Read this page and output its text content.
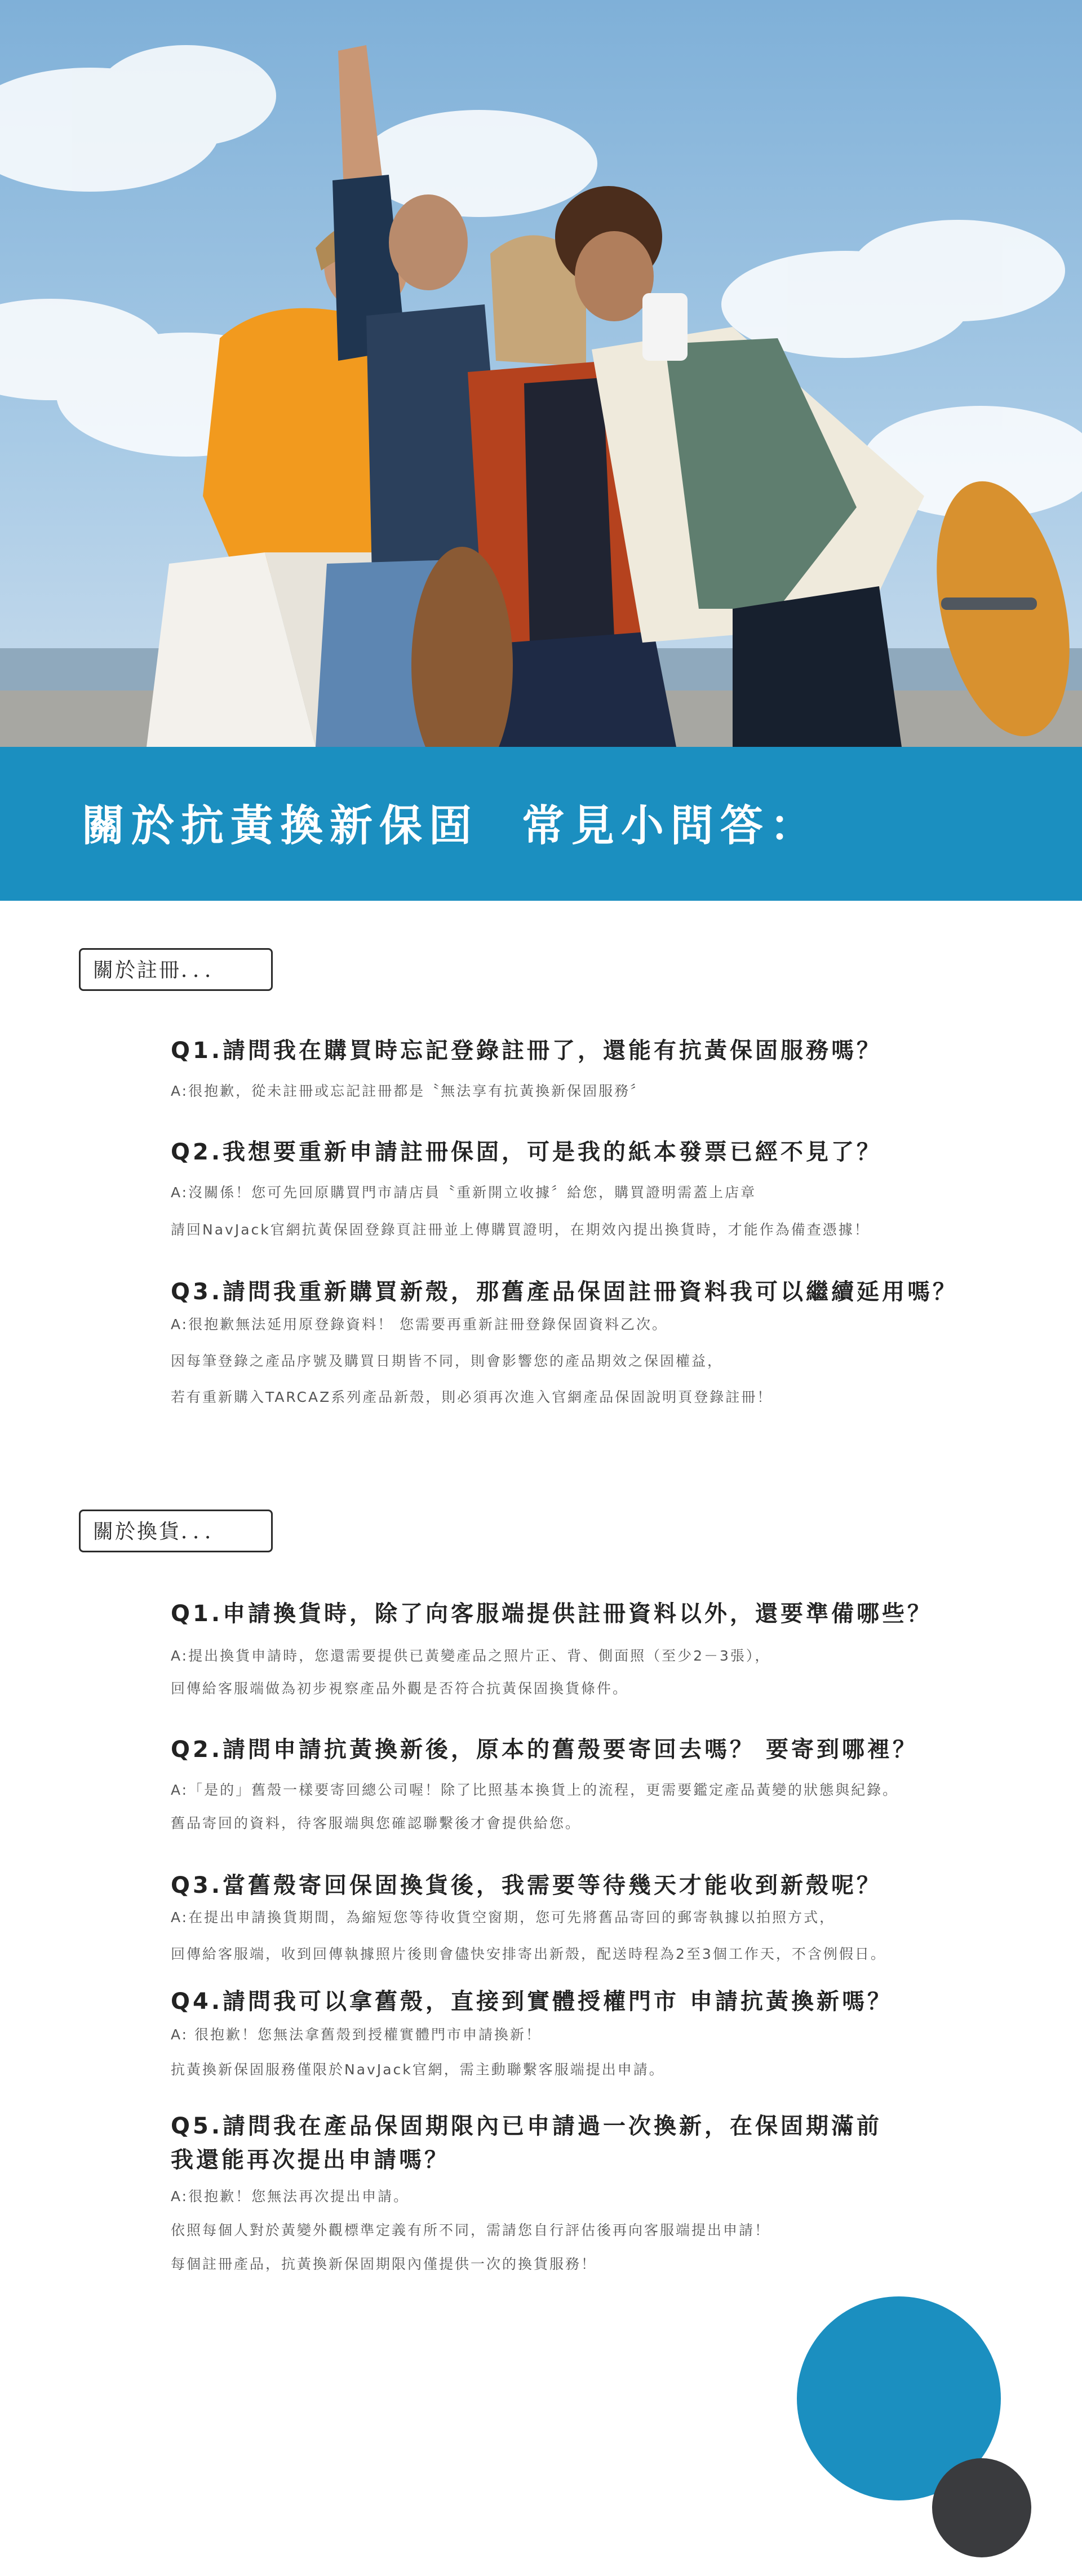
關於抗黃換新保固  常見小問答：
關於註冊．．．
Q1.請問我在購買時忘記登錄註冊了，還能有抗黃保固服務嗎？
A:很抱歉，從未註冊或忘記註冊都是〝無法享有抗黃換新保固服務〞
Q2.我想要重新申請註冊保固，可是我的紙本發票已經不見了？
A:沒關係！您可先回原購買門市請店員〝重新開立收據〞給您，購買證明需蓋上店章
請回NavJack官網抗黃保固登錄頁註冊並上傳購買證明，在期效內提出換貨時，才能作為備查憑據！
Q3.請問我重新購買新殼，那舊產品保固註冊資料我可以繼續延用嗎？
A:很抱歉無法延用原登錄資料！ 您需要再重新註冊登錄保固資料乙次。
因每筆登錄之產品序號及購買日期皆不同，則會影響您的產品期效之保固權益，
若有重新購入TARCAZ系列產品新殼，則必須再次進入官網產品保固說明頁登錄註冊！
關於換貨．．．
Q1.申請換貨時，除了向客服端提供註冊資料以外，還要準備哪些？
A:提出換貨申請時，您還需要提供已黃變產品之照片正、背、側面照（至少2－3張），
回傳給客服端做為初步視察產品外觀是否符合抗黃保固換貨條件。
Q2.請問申請抗黃換新後，原本的舊殼要寄回去嗎？ 要寄到哪裡？
A:「是的」舊殼一樣要寄回總公司喔！除了比照基本換貨上的流程，更需要鑑定產品黃變的狀態與紀錄。
舊品寄回的資料，待客服端與您確認聯繫後才會提供給您。
Q3.當舊殼寄回保固換貨後，我需要等待幾天才能收到新殼呢？
A:在提出申請換貨期間，為縮短您等待收貨空窗期，您可先將舊品寄回的郵寄執據以拍照方式，
回傳給客服端，收到回傳執據照片後則會儘快安排寄出新殼，配送時程為2至3個工作天，不含例假日。
Q4.請問我可以拿舊殼，直接到實體授權門市 申請抗黃換新嗎？
A: 很抱歉！您無法拿舊殼到授權實體門市申請換新！
抗黃換新保固服務僅限於NavJack官網，需主動聯繫客服端提出申請。
Q5.請問我在產品保固期限內已申請過一次換新，在保固期滿前
我還能再次提出申請嗎？
A:很抱歉！您無法再次提出申請。
依照每個人對於黃變外觀標準定義有所不同，需請您自行評估後再向客服端提出申請！
每個註冊產品，抗黃換新保固期限內僅提供一次的換貨服務！
